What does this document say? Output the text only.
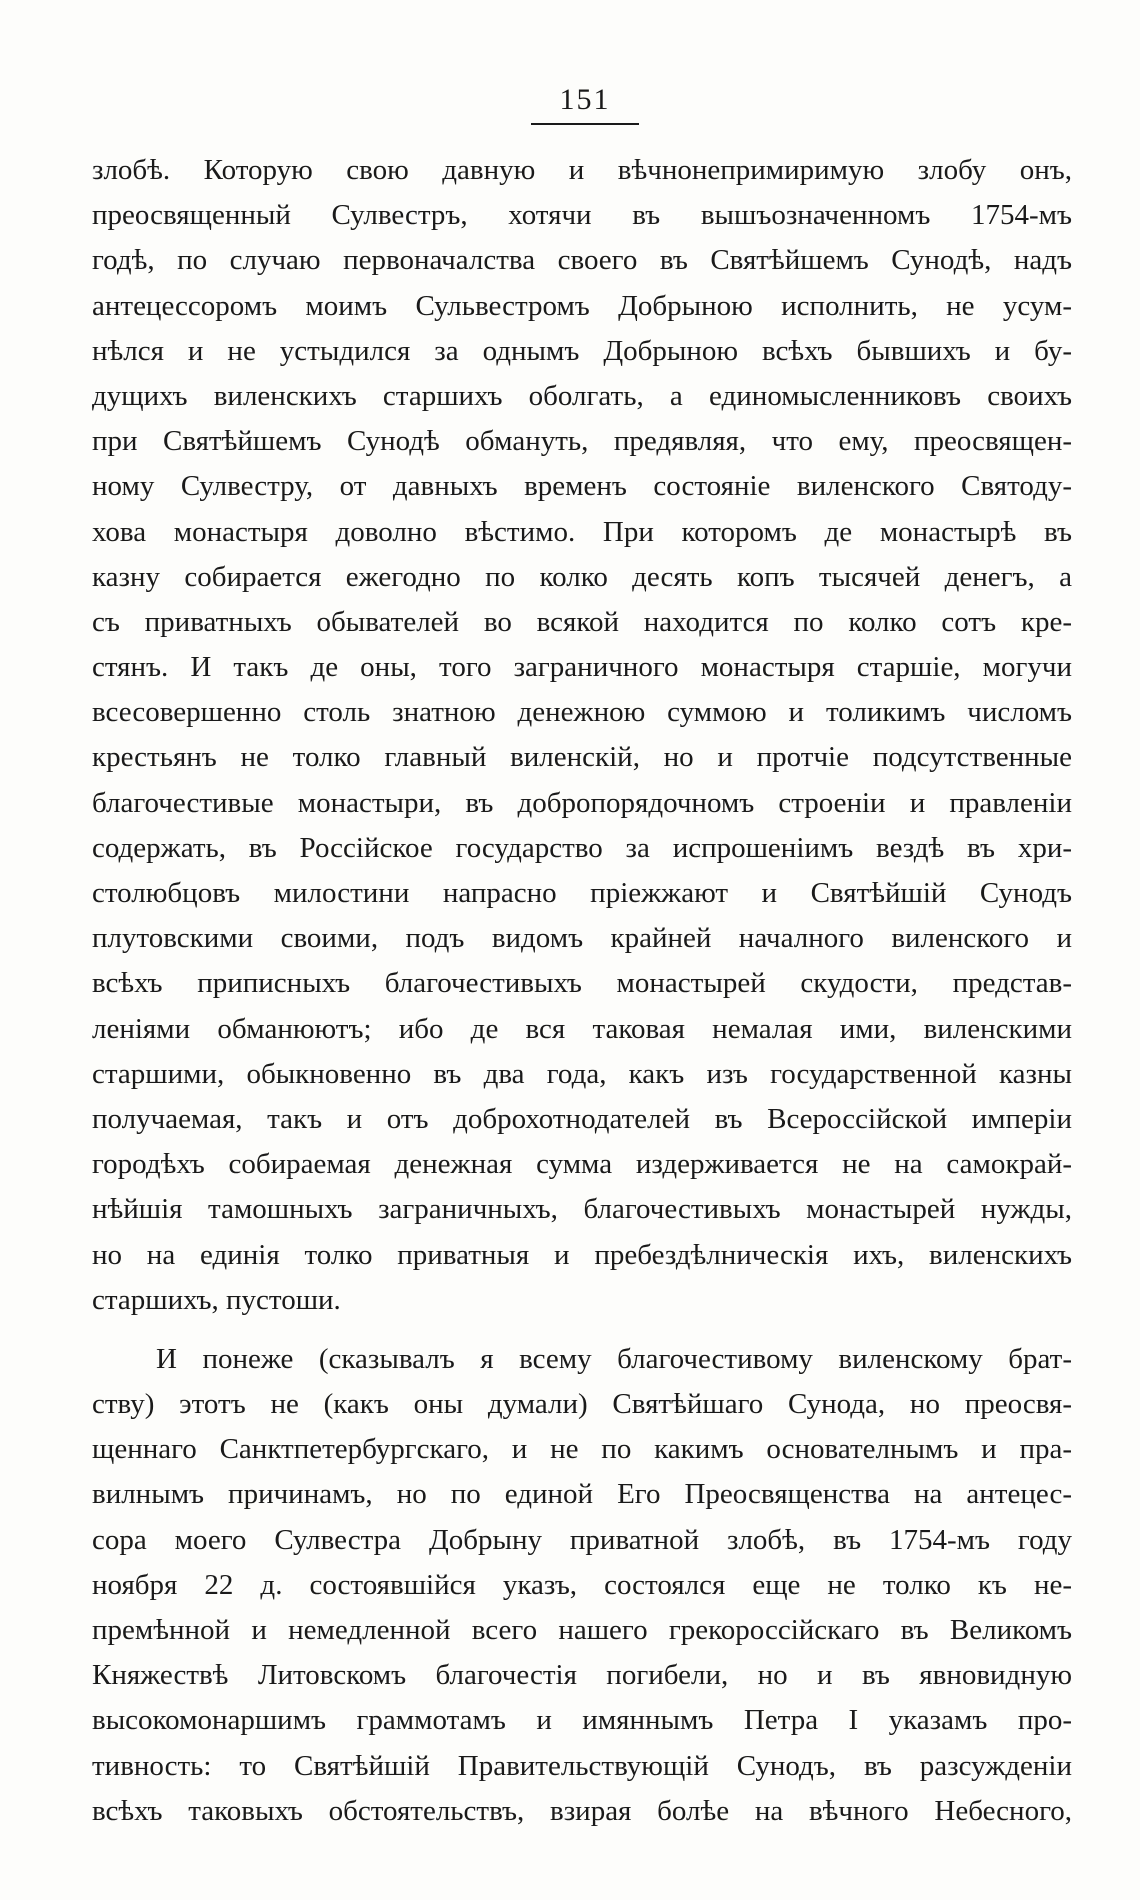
151
злобѣ. Которую свою давную и вѣчнонепримиримую злобу онъ,
преосвященный Сулвестръ, хотячи въ вышъозначенномъ 1754-мъ
годѣ, по случаю первоначалства своего въ Святѣйшемъ Сунодѣ, надъ
антецессоромъ моимъ Сульвестромъ Добрыною исполнить, не усум-
нѣлся и не устыдился за однымъ Добрыною всѣхъ бывшихъ и бу-
дущихъ виленскихъ старшихъ оболгать, а единомысленниковъ своихъ
при Святѣйшемъ Сунодѣ обмануть, предявляя, что ему, преосвящен-
ному Сулвестру, от давныхъ временъ состояніе виленского Святоду-
хова монастыря доволно вѣстимо. При которомъ де монастырѣ въ
казну собирается ежегодно по колко десять копъ тысячей денегъ, а
съ приватныхъ обывателей во всякой находится по колко сотъ кре-
стянъ. И такъ де оны, того заграничного монастыря старшіе, могучи
всесовершенно столь знатною денежною суммою и толикимъ числомъ
крестьянъ не толко главный виленскій, но и протчіе подсутственные
благочестивые монастыри, въ добропорядочномъ строеніи и правленіи
содержать, въ Россійское государство за испрошеніимъ вездѣ въ хри-
столюбцовъ милостини напрасно пріежжают и Святѣйшій Сунодъ
плутовскими своими, подъ видомъ крайней началного виленского и
всѣхъ приписныхъ благочестивыхъ монастырей скудости, представ-
леніями обманюютъ; ибо де вся таковая немалая ими, виленскими
старшими, обыкновенно въ два года, какъ изъ государственной казны
получаемая, такъ и отъ доброхотнодателей въ Всероссійской имперіи
городѣхъ собираемая денежная сумма издерживается не на самокрай-
нѣйшія тамошныхъ заграничныхъ, благочестивыхъ монастырей нужды,
но на единія толко приватныя и пребездѣлническія ихъ, виленскихъ
старшихъ, пустоши.
И понеже (сказывалъ я всему благочестивому виленскому брат-
ству) этотъ не (какъ оны думали) Святѣйшаго Сунода, но преосвя-
щеннаго Санктпетербургскаго, и не по какимъ основателнымъ и пра-
вилнымъ причинамъ, но по единой Его Преосвященства на антецес-
сора моего Сулвестра Добрыну приватной злобѣ, въ 1754-мъ году
ноября 22 д. состоявшійся указъ, состоялся еще не толко къ не-
премѣнной и немедленной всего нашего грекороссійскаго въ Великомъ
Княжествѣ Литовскомъ благочестія погибели, но и въ явновидную
высокомонаршимъ граммотамъ и имяннымъ Петра I указамъ про-
тивность: то Святѣйшій Правительствующій Сунодъ, въ разсужденіи
всѣхъ таковыхъ обстоятельствъ, взирая болѣе на вѣчного Небесного,
